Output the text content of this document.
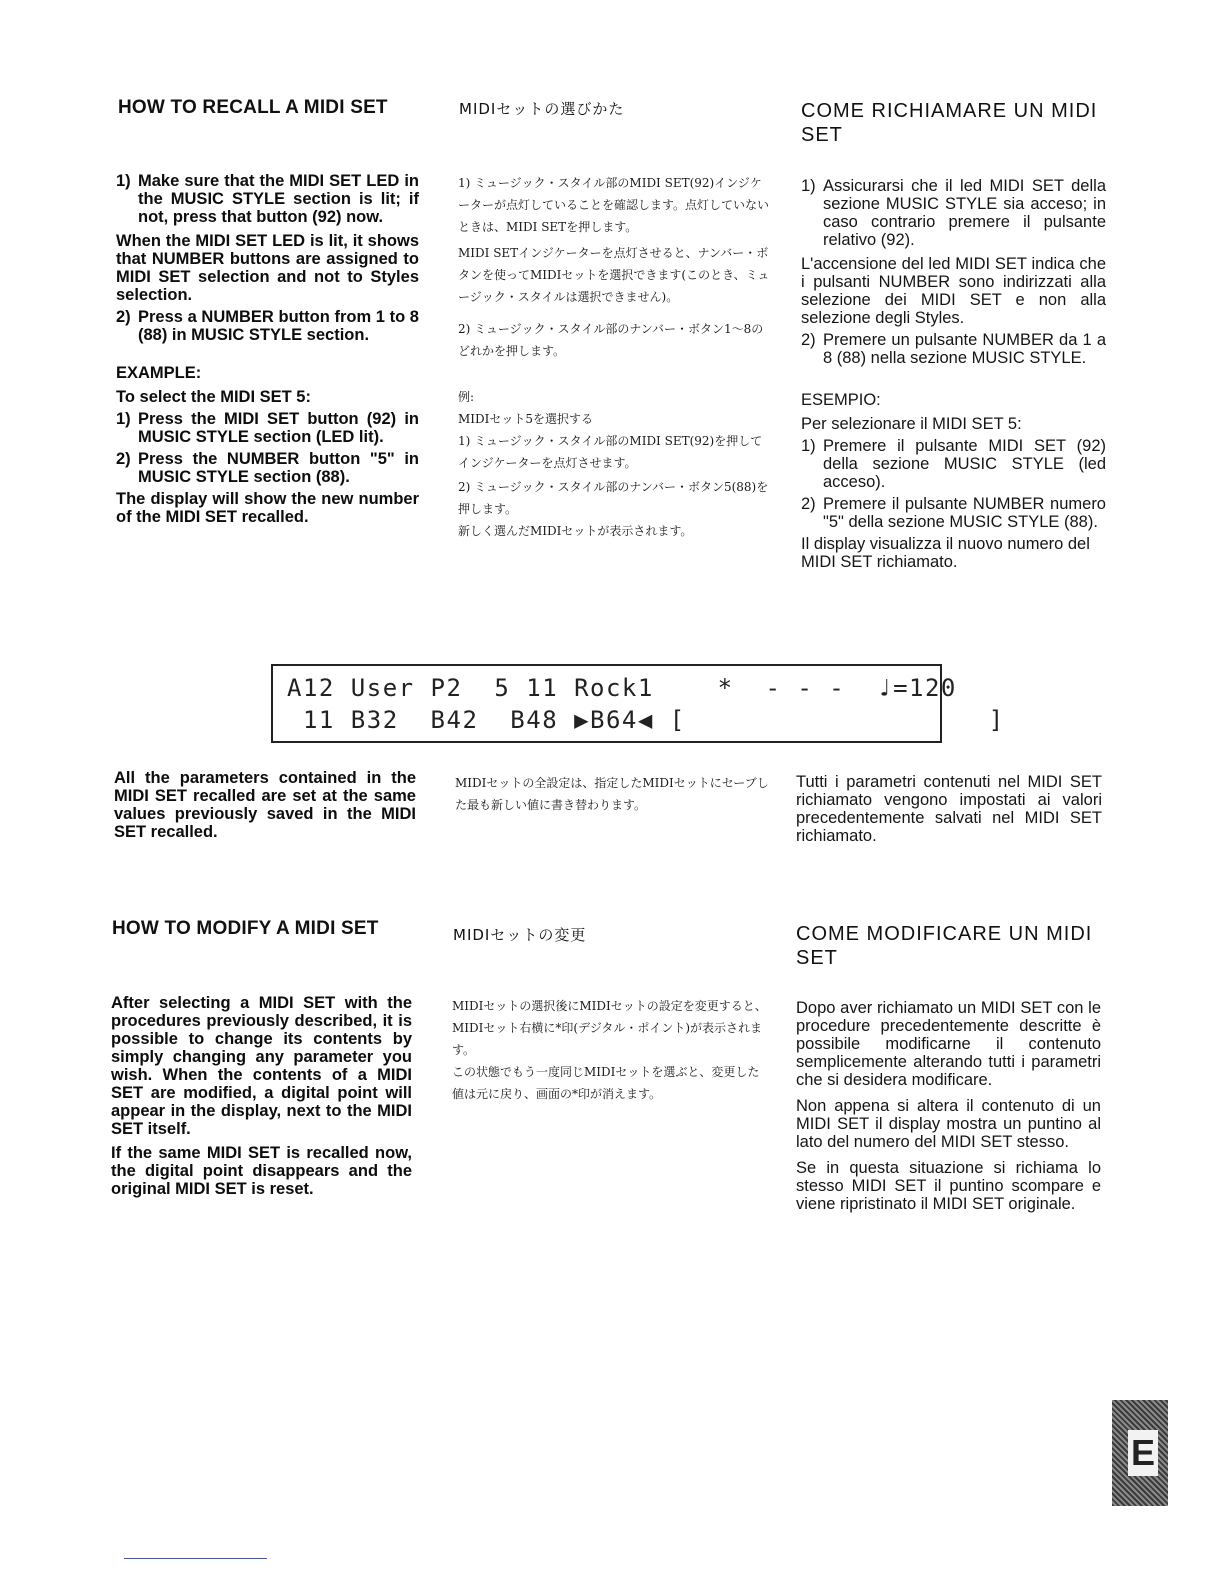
HOW TO RECALL A MIDI SET	MIDIセットの選びかた	COME RICHIAMARE UN MIDI
SET
1) Make sure that the MIDI SET LED in the MUSIC STYLE section is lit; if not, press that button (92) now.

When the MIDI SET LED is lit, it shows that NUMBER buttons are assigned to MIDI SET selection and not to Styles selection.

2) Press a NUMBER button from 1 to 8 (88) in MUSIC STYLE section.

EXAMPLE:

To select the MIDI SET 5:

1) Press the MIDI SET button (92) in MUSIC STYLE section (LED lit).
2) Press the NUMBER button "5" in MUSIC STYLE section (88).

The display will show the new number of the MIDI SET recalled.

1) ミュージック・スタイル部のMIDI SET(92)インジケーターが点灯していることを確認します。点灯していないときは、MIDI SETを押します。

MIDI SETインジケーターを点灯させると、ナンバー・ボタンを使ってMIDIセットを選択できます(このとき、ミュージック・スタイルは選択できません)。

2) ミュージック・スタイル部のナンバー・ボタン1〜8のどれかを押します。

例:

MIDIセット5を選択する

1) ミュージック・スタイル部のMIDI SET(92)を押してインジケーターを点灯させます。

2) ミュージック・スタイル部のナンバー・ボタン5(88)を押します。

新しく選んだMIDIセットが表示されます。

1) Assicurarsi che il led MIDI SET della sezione MUSIC STYLE sia acceso; in caso contrario premere il pulsante relativo (92).

L'accensione del led MIDI SET indica che i pulsanti NUMBER sono indirizzati alla selezione dei MIDI SET e non alla selezione degli Styles.

2) Premere un pulsante NUMBER da 1 a 8 (88) nella sezione MUSIC STYLE.

ESEMPIO:

Per selezionare il MIDI SET 5:

1) Premere il pulsante MIDI SET (92) della sezione MUSIC STYLE (led acceso).
2) Premere il pulsante NUMBER numero "5" della sezione MUSIC STYLE (88).

Il display visualizza il nuovo numero del MIDI SET richiamato.

A12 User P2  5 11 Rock1    *  - - -  ♩=120
11 B32  B42  B48 ▶B64◀ [                   ]
All the parameters contained in the MIDI SET recalled are set at the same values previously saved in the MIDI SET recalled.
MIDIセットの全設定は、指定したMIDIセットにセーブした最も新しい値に書き替わります。
Tutti i parametri contenuti nel MIDI SET richiamato vengono impostati ai valori precedentemente salvati nel MIDI SET richiamato.
HOW TO MODIFY A MIDI SET	MIDIセットの変更	COME MODIFICARE UN MIDI
SET

After selecting a MIDI SET with the procedures previously described, it is possible to change its contents by simply changing any parameter you wish. When the contents of a MIDI SET are modified, a digital point will appear in the display, next to the MIDI SET itself.

If the same MIDI SET is recalled now, the digital point disappears and the original MIDI SET is reset.

MIDIセットの選択後にMIDIセットの設定を変更すると、MIDIセット右横に*印(デジタル・ポイント)が表示されます。

この状態でもう一度同じMIDIセットを選ぶと、変更した値は元に戻り、画面の*印が消えます。

Dopo aver richiamato un MIDI SET con le procedure precedentemente descritte è possibile modificarne il contenuto semplicemente alterando tutti i parametri che si desidera modificare.

Non appena si altera il contenuto di un MIDI SET il display mostra un puntino al lato del numero del MIDI SET stesso.

Se in questa situazione si richiama lo stesso MIDI SET il puntino scompare e viene ripristinato il MIDI SET originale.

E
